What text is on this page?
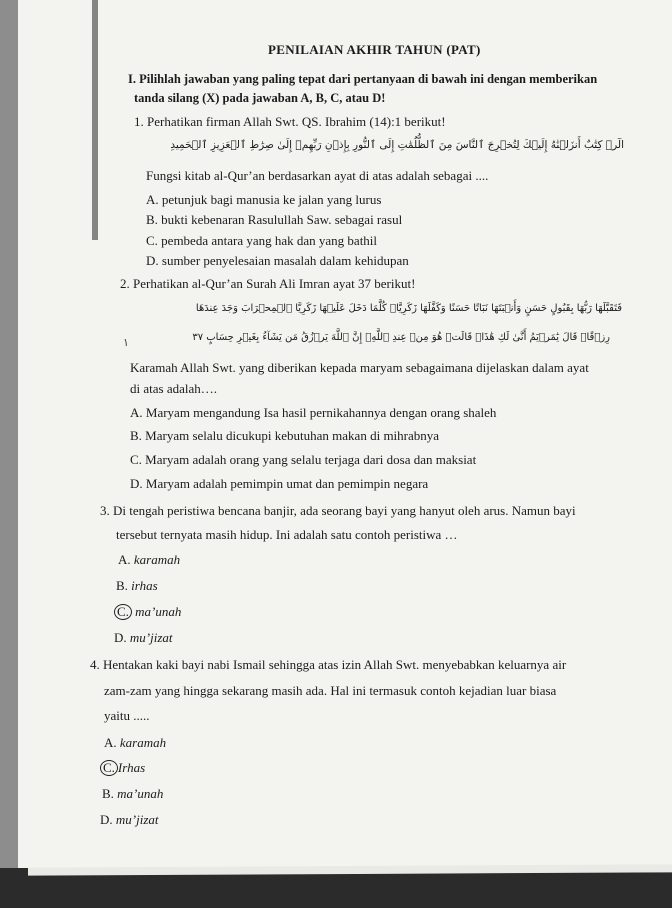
PENILAIAN AKHIR TAHUN (PAT)
I. Pilihlah jawaban yang paling tepat dari pertanyaan di bawah ini dengan memberikan
tanda silang (X) pada jawaban A, B, C, atau D!
1. Perhatikan firman Allah Swt. QS. Ibrahim (14):1 berikut!
الٓرۚ كِتَٰبٌ أَنزَلۡنَٰهُ إِلَيۡكَ لِتُخۡرِجَ ٱلنَّاسَ مِنَ ٱلظُّلُمَٰتِ إِلَى ٱلنُّورِ بِإِذۡنِ رَبِّهِمۡ إِلَىٰ صِرَٰطِ ٱلۡعَزِيزِ ٱلۡحَمِيدِ
Fungsi kitab al-Qur’an berdasarkan ayat di atas adalah sebagai ....
A. petunjuk bagi manusia ke jalan yang lurus
B. bukti kebenaran Rasulullah Saw. sebagai rasul
C. pembeda antara yang hak dan yang bathil
D. sumber penyelesaian masalah dalam kehidupan
2. Perhatikan al-Qur’an Surah Ali Imran ayat 37 berikut!
فَتَقَبَّلَهَا رَبُّهَا بِقَبُولٍ حَسَنٍ وَأَنۢبَتَهَا نَبَاتًا حَسَنًا وَكَفَّلَهَا زَكَرِيَّاۖ كُلَّمَا دَخَلَ عَلَيۡهَا زَكَرِيَّا ٱلۡمِحۡرَابَ وَجَدَ عِندَهَا
رِزۡقًاۖ قَالَ يَٰمَرۡيَمُ أَنَّىٰ لَكِ هَٰذَاۖ قَالَتۡ هُوَ مِنۡ عِندِ ٱللَّهِۖ إِنَّ ٱللَّهَ يَرۡزُقُ مَن يَشَآءُ بِغَيۡرِ حِسَابٍ ٣٧
١
Karamah Allah Swt. yang diberikan kepada maryam sebagaimana dijelaskan dalam ayat
di atas adalah….
A. Maryam mengandung Isa hasil pernikahannya dengan orang shaleh
B. Maryam selalu dicukupi kebutuhan makan di mihrabnya
C. Maryam adalah orang yang selalu terjaga dari dosa dan maksiat
D. Maryam adalah pemimpin umat dan pemimpin negara
3. Di tengah peristiwa bencana banjir, ada seorang bayi yang hanyut oleh arus. Namun bayi
tersebut ternyata masih hidup. Ini adalah satu contoh peristiwa …
A. karamah
B. irhas
C. ma’unah
D. mu’jizat
4. Hentakan kaki bayi nabi Ismail sehingga atas izin Allah Swt. menyebabkan keluarnya air
zam-zam yang hingga sekarang masih ada. Hal ini termasuk contoh kejadian luar biasa
yaitu .....
A. karamah
C. Irhas
B. ma’unah
D. mu’jizat
